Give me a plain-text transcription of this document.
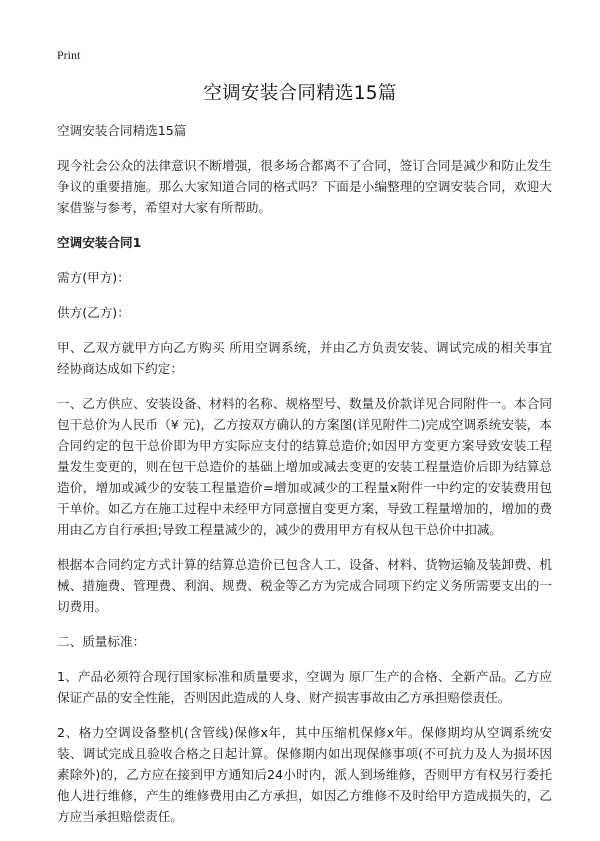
Print
空调安装合同精选15篇
空调安装合同精选15篇
现今社会公众的法律意识不断增强，很多场合都离不了合同，签订合同是减少和防止发生争议的重要措施。那么大家知道合同的格式吗？下面是小编整理的空调安装合同，欢迎大家借鉴与参考，希望对大家有所帮助。
空调安装合同1
需方(甲方)：
供方(乙方)：
甲、乙双方就甲方向乙方购买 所用空调系统，并由乙方负责安装、调试完成的相关事宜经协商达成如下约定：
一、乙方供应、安装设备、材料的名称、规格型号、数量及价款详见合同附件一。本合同包干总价为人民币（¥ 元)，乙方按双方确认的方案图(详见附件二)完成空调系统安装，本合同约定的包干总价即为甲方实际应支付的结算总造价;如因甲方变更方案导致安装工程量发生变更的，则在包干总造价的基础上增加或减去变更的安装工程量造价后即为结算总造价，增加或减少的安装工程量造价=增加或减少的工程量x附件一中约定的安装费用包干单价。如乙方在施工过程中未经甲方同意擅自变更方案，导致工程量增加的，增加的费用由乙方自行承担;导致工程量减少的，减少的费用甲方有权从包干总价中扣减。
根据本合同约定方式计算的结算总造价已包含人工、设备、材料、货物运输及装卸费、机械、措施费、管理费、利润、规费、税金等乙方为完成合同项下约定义务所需要支出的一切费用。
二、质量标准：
1、产品必须符合现行国家标准和质量要求，空调为 原厂生产的合格、全新产品。乙方应保证产品的安全性能，否则因此造成的人身、财产损害事故由乙方承担赔偿责任。
2、格力空调设备整机(含管线)保修x年，其中压缩机保修x年。保修期均从空调系统安装、调试完成且验收合格之日起计算。保修期内如出现保修事项(不可抗力及人为损坏因素除外)的，乙方应在接到甲方通知后24小时内，派人到场维修，否则甲方有权另行委托他人进行维修，产生的维修费用由乙方承担，如因乙方维修不及时给甲方造成损失的，乙方应当承担赔偿责任。
